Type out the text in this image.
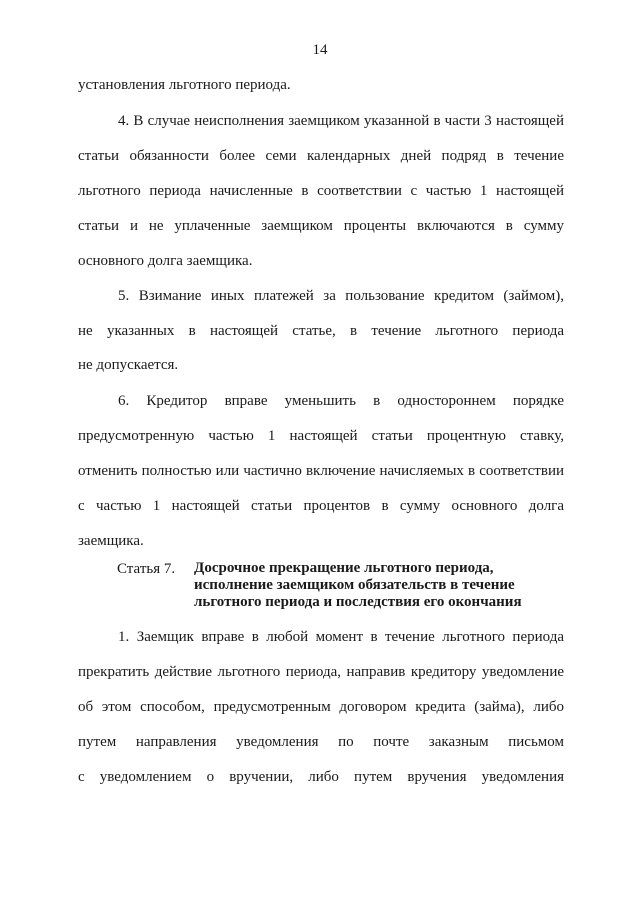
14
установления льготного периода.
4. В случае неисполнения заемщиком указанной в части 3 настоящей
статьи обязанности более семи календарных дней подряд в течение
льготного периода начисленные в соответствии с частью 1 настоящей
статьи и не уплаченные заемщиком проценты включаются в сумму
основного долга заемщика.
5. Взимание иных платежей за пользование кредитом (займом),
не указанных в настоящей статье, в течение льготного периода
не допускается.
6. Кредитор вправе уменьшить в одностороннем порядке
предусмотренную частью 1 настоящей статьи процентную ставку,
отменить полностью или частично включение начисляемых в соответствии
с частью 1 настоящей статьи процентов в сумму основного долга
заемщика.
Статья 7. Досрочное прекращение льготного периода,
исполнение заемщиком обязательств в течение
льготного периода и последствия его окончания
1. Заемщик вправе в любой момент в течение льготного периода
прекратить действие льготного периода, направив кредитору уведомление
об этом способом, предусмотренным договором кредита (займа), либо
путем направления уведомления по почте заказным письмом
с уведомлением о вручении, либо путем вручения уведомления
